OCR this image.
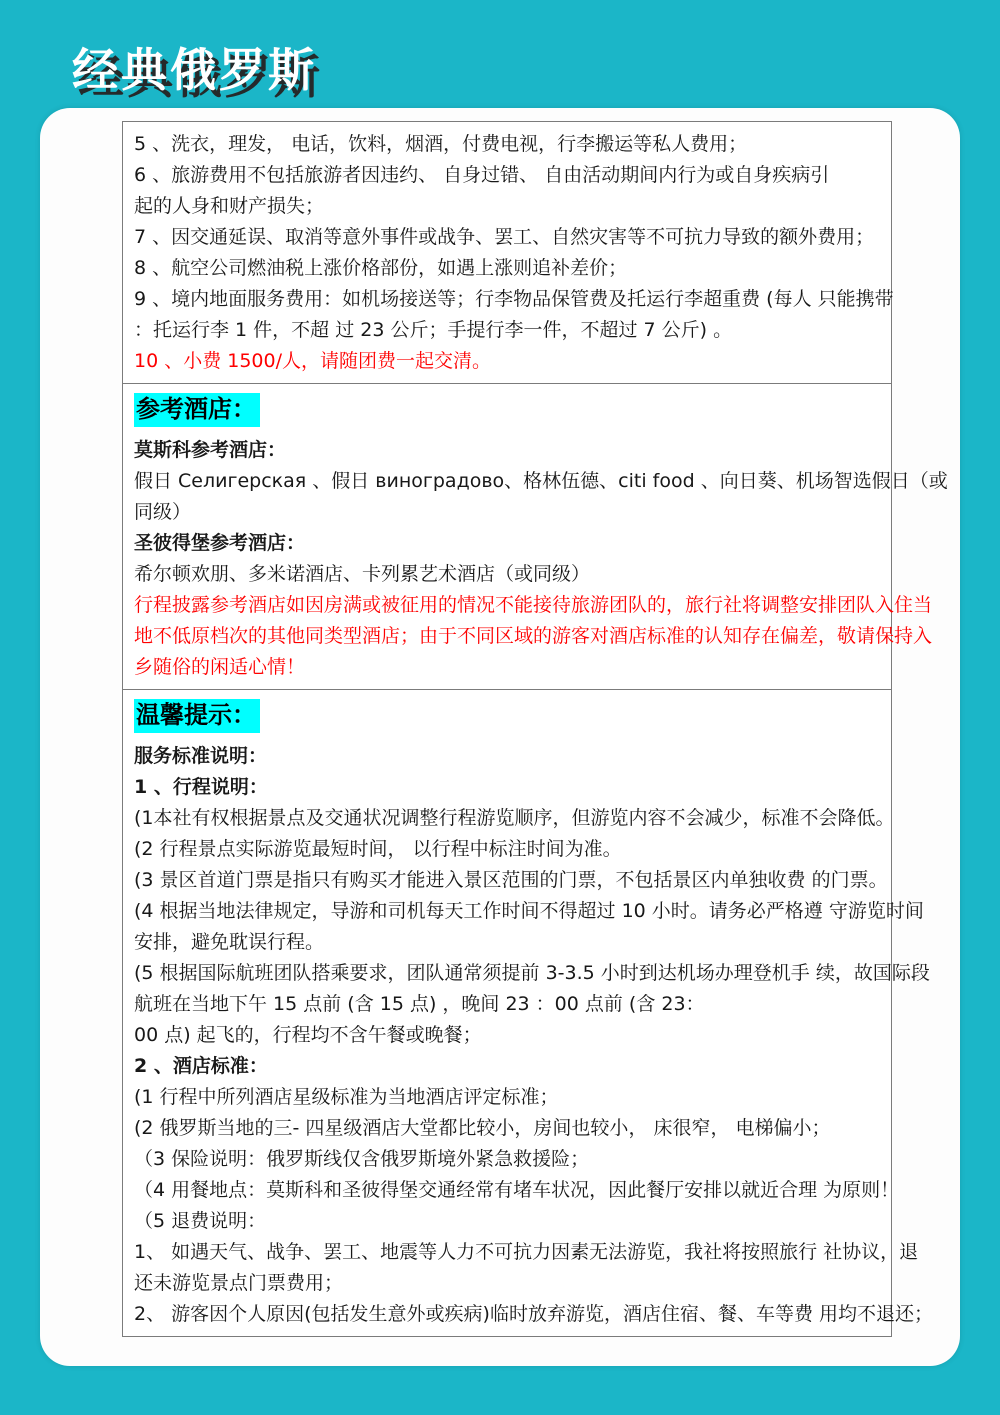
经典俄罗斯

5 、洗衣，理发， 电话，饮料，烟酒，付费电视，行李搬运等私人费用；

6 、旅游费用不包括旅游者因违约、 自身过错、 自由活动期间内行为或自身疾病引

起的人身和财产损失；

7 、因交通延误、取消等意外事件或战争、罢工、自然灾害等不可抗力导致的额外费用；

8 、航空公司燃油税上涨价格部份，如遇上涨则追补差价；

9 、境内地面服务费用：如机场接送等；行李物品保管费及托运行李超重费 (每人 只能携带

：托运行李 1 件，不超 过 23 公斤；手提行李一件，不超过 7 公斤) 。

10 、小费 1500/人，请随团费一起交清。

参考酒店：

莫斯科参考酒店：

假日 Селигерская 、假日 виноградово、格林伍德、citi food 、向日葵、机场智选假日（或

同级）

圣彼得堡参考酒店：

希尔顿欢朋、多米诺酒店、卡列累艺术酒店（或同级）

行程披露参考酒店如因房满或被征用的情况不能接待旅游团队的，旅行社将调整安排团队入住当

地不低原档次的其他同类型酒店；由于不同区域的游客对酒店标准的认知存在偏差，敬请保持入

乡随俗的闲适心情！

温馨提示：

服务标准说明：

1 、行程说明：

(1本社有权根据景点及交通状况调整行程游览顺序，但游览内容不会减少，标准不会降低。

(2 行程景点实际游览最短时间， 以行程中标注时间为准。

(3 景区首道门票是指只有购买才能进入景区范围的门票，不包括景区内单独收费 的门票。

(4 根据当地法律规定，导游和司机每天工作时间不得超过 10 小时。请务必严格遵 守游览时间

安排，避免耽误行程。

(5 根据国际航班团队搭乘要求，团队通常须提前 3-3.5 小时到达机场办理登机手 续，故国际段

航班在当地下午 15 点前 (含 15 点) ，晚间 23 ：00 点前 (含 23：

00 点) 起飞的，行程均不含午餐或晚餐；

2 、酒店标准：

(1 行程中所列酒店星级标准为当地酒店评定标准；

(2 俄罗斯当地的三- 四星级酒店大堂都比较小，房间也较小， 床很窄， 电梯偏小；

（3 保险说明：俄罗斯线仅含俄罗斯境外紧急救援险；

（4 用餐地点：莫斯科和圣彼得堡交通经常有堵车状况，因此餐厅安排以就近合理 为原则！

（5 退费说明：

1、 如遇天气、战争、罢工、地震等人力不可抗力因素无法游览，我社将按照旅行 社协议，退

还未游览景点门票费用；

2、 游客因个人原因(包括发生意外或疾病)临时放弃游览，酒店住宿、餐、车等费 用均不退还；
